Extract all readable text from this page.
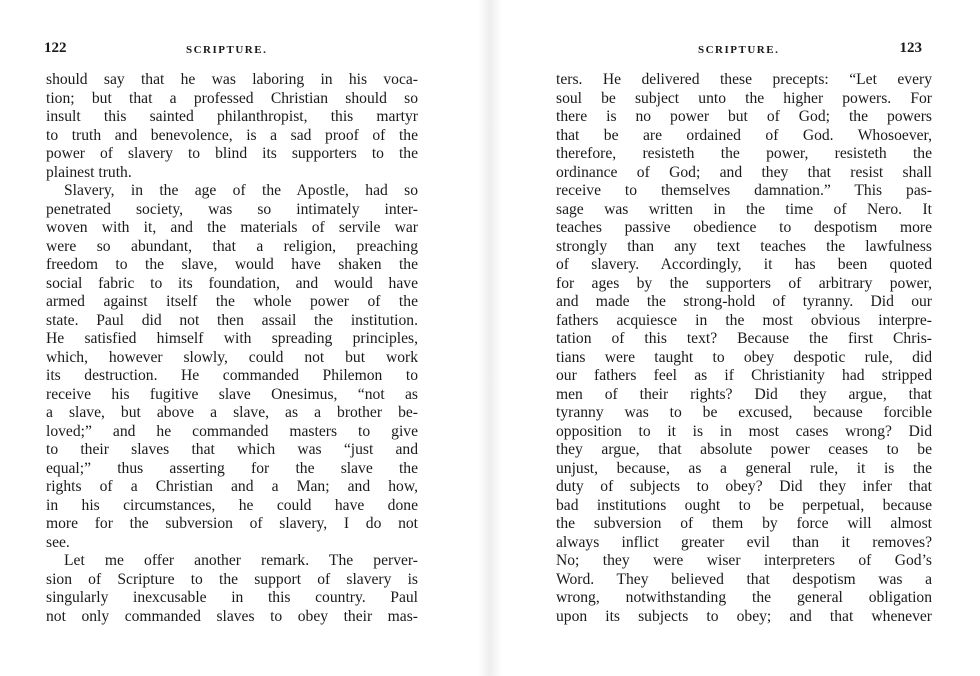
122	SCRIPTURE.
should say that he was laboring in his voca-
tion; but that a professed Christian should so
insult this sainted philanthropist, this martyr
to truth and benevolence, is a sad proof of the
power of slavery to blind its supporters to the
plainest truth.
Slavery, in the age of the Apostle, had so
penetrated society, was so intimately inter-
woven with it, and the materials of servile war
were so abundant, that a religion, preaching
freedom to the slave, would have shaken the
social fabric to its foundation, and would have
armed against itself the whole power of the
state. Paul did not then assail the institution.
He satisfied himself with spreading principles,
which, however slowly, could not but work
its destruction. He commanded Philemon to
receive his fugitive slave Onesimus, “not as
a slave, but above a slave, as a brother be-
loved;” and he commanded masters to give
to their slaves that which was “just and
equal;” thus asserting for the slave the
rights of a Christian and a Man; and how,
in his circumstances, he could have done
more for the subversion of slavery, I do not
see.
Let me offer another remark. The perver-
sion of Scripture to the support of slavery is
singularly inexcusable in this country. Paul
not only commanded slaves to obey their mas-
SCRIPTURE.	123
ters. He delivered these precepts: “Let every
soul be subject unto the higher powers. For
there is no power but of God; the powers
that be are ordained of God. Whosoever,
therefore, resisteth the power, resisteth the
ordinance of God; and they that resist shall
receive to themselves damnation.” This pas-
sage was written in the time of Nero. It
teaches passive obedience to despotism more
strongly than any text teaches the lawfulness
of slavery. Accordingly, it has been quoted
for ages by the supporters of arbitrary power,
and made the strong-hold of tyranny. Did our
fathers acquiesce in the most obvious interpre-
tation of this text? Because the first Chris-
tians were taught to obey despotic rule, did
our fathers feel as if Christianity had stripped
men of their rights? Did they argue, that
tyranny was to be excused, because forcible
opposition to it is in most cases wrong? Did
they argue, that absolute power ceases to be
unjust, because, as a general rule, it is the
duty of subjects to obey? Did they infer that
bad institutions ought to be perpetual, because
the subversion of them by force will almost
always inflict greater evil than it removes?
No; they were wiser interpreters of God’s
Word. They believed that despotism was a
wrong, notwithstanding the general obligation
upon its subjects to obey; and that whenever
